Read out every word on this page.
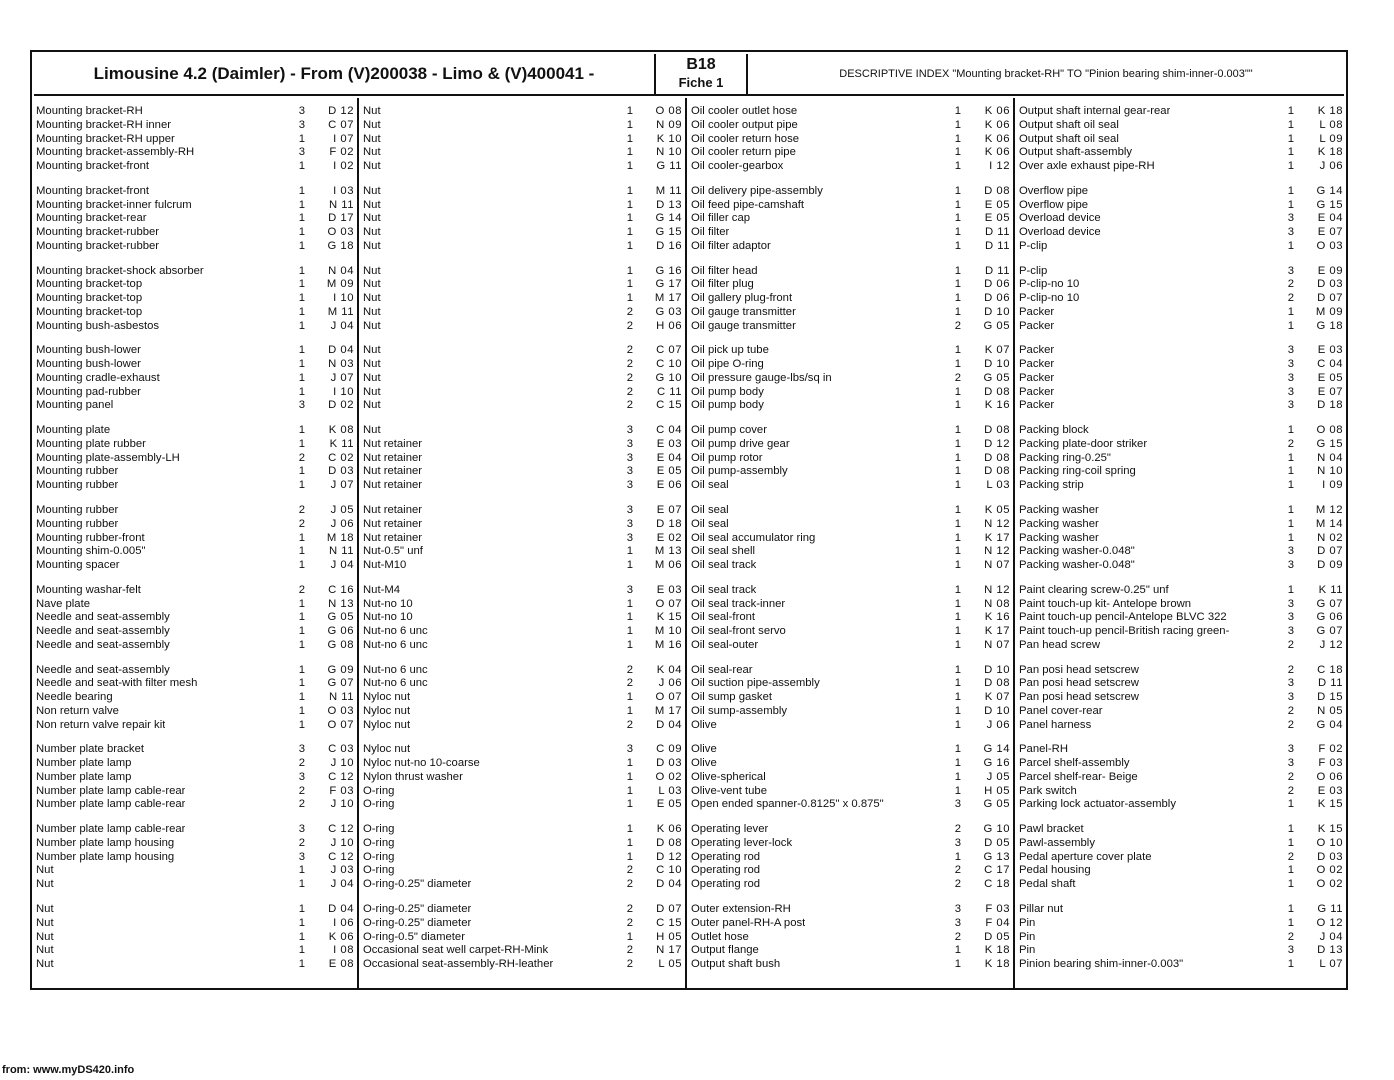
Limousine 4.2 (Daimler) - From (V)200038 - Limo & (V)400041 -	B18
Fiche 1
DESCRIPTIVE INDEX "Mounting bracket-RH" TO "Pinion bearing shim-inner-0.003""
Mounting bracket-RH	3 D 12
Mounting bracket-RH inner	3 C 07
Mounting bracket-RH upper	1 I 07
Mounting bracket-assembly-RH	3 F 02
Mounting bracket-front	1 I 02
Mounting bracket-front	1 I 03
Mounting bracket-inner fulcrum	1 N 11
Mounting bracket-rear	1 D 17
Mounting bracket-rubber	1 O 03
Mounting bracket-rubber	1 G 18
Mounting bracket-shock absorber	1 N 04
Mounting bracket-top	1 M 09
Mounting bracket-top	1 I 10
Mounting bracket-top	1 M 11
Mounting bush-asbestos	1 J 04
Mounting bush-lower	1 D 04
Mounting bush-lower	1 N 03
Mounting cradle-exhaust	1 J 07
Mounting pad-rubber	1 I 10
Mounting panel	3 D 02
Mounting plate	1 K 08
Mounting plate rubber	1 K 11
Mounting plate-assembly-LH	2 C 02
Mounting rubber	1 D 03
Mounting rubber	1 J 07
Mounting rubber	2 J 05
Mounting rubber	2 J 06
Mounting rubber-front	1 M 18
Mounting shim-0.005"	1 N 11
Mounting spacer	1 J 04
Mounting washar-felt	2 C 16
Nave plate	1 N 13
Needle and seat-assembly	1 G 05
Needle and seat-assembly	1 G 06
Needle and seat-assembly	1 G 08
Needle and seat-assembly	1 G 09
Needle and seat-with filter mesh	1 G 07
Needle bearing	1 N 11
Non return valve	1 O 03
Non return valve repair kit	1 O 07
Number plate bracket	3 C 03
Number plate lamp	2 J 10
Number plate lamp	3 C 12
Number plate lamp cable-rear	2 F 03
Number plate lamp cable-rear	2 J 10
Number plate lamp cable-rear	3 C 12
Number plate lamp housing	2 J 10
Number plate lamp housing	3 C 12
Nut	1 J 03
Nut	1 J 04
Nut	1 D 04
Nut	1 I 06
Nut	1 K 06
Nut	1 I 08
Nut	1 E 08
Nut	1 O 08
Nut	1 N 09
Nut	1 K 10
Nut	1 N 10
Nut	1 G 11
Nut	1 M 11
Nut	1 D 13
Nut	1 G 14
Nut	1 G 15
Nut	1 D 16
Nut	1 G 16
Nut	1 G 17
Nut	1 M 17
Nut	2 G 03
Nut	2 H 06
Nut	2 C 07
Nut	2 C 10
Nut	2 G 10
Nut	2 C 11
Nut	2 C 15
Nut	3 C 04
Nut retainer	3 E 03
Nut retainer	3 E 04
Nut retainer	3 E 05
Nut retainer	3 E 06
Nut retainer	3 E 07
Nut retainer	3 D 18
Nut retainer	3 E 02
Nut-0.5" unf	1 M 13
Nut-M10	1 M 06
Nut-M4	3 E 03
Nut-no 10	1 O 07
Nut-no 10	1 K 15
Nut-no 6 unc	1 M 10
Nut-no 6 unc	1 M 16
Nut-no 6 unc	2 K 04
Nut-no 6 unc	2 J 06
Nyloc nut	1 O 07
Nyloc nut	1 M 17
Nyloc nut	2 D 04
Nyloc nut	3 C 09
Nyloc nut-no 10-coarse	1 D 03
Nylon thrust washer	1 O 02
O-ring	1 L 03
O-ring	1 E 05
O-ring	1 K 06
O-ring	1 D 08
O-ring	1 D 12
O-ring	2 C 10
O-ring-0.25" diameter	2 D 04
O-ring-0.25" diameter	2 D 07
O-ring-0.25" diameter	2 C 15
O-ring-0.5" diameter	1 H 05
Occasional seat well carpet-RH-Mink	2 N 17
Occasional seat-assembly-RH-leather	2 L 05
Oil cooler outlet hose	1 K 06
Oil cooler output pipe	1 K 06
Oil cooler return hose	1 K 06
Oil cooler return pipe	1 K 06
Oil cooler-gearbox	1 I 12
Oil delivery pipe-assembly	1 D 08
Oil feed pipe-camshaft	1 E 05
Oil filler cap	1 E 05
Oil filter	1 D 11
Oil filter adaptor	1 D 11
Oil filter head	1 D 11
Oil filter plug	1 D 06
Oil gallery plug-front	1 D 06
Oil gauge transmitter	1 D 10
Oil gauge transmitter	2 G 05
Oil pick up tube	1 K 07
Oil pipe O-ring	1 D 10
Oil pressure gauge-lbs/sq in	2 G 05
Oil pump body	1 D 08
Oil pump body	1 K 16
Oil pump cover	1 D 08
Oil pump drive gear	1 D 12
Oil pump rotor	1 D 08
Oil pump-assembly	1 D 08
Oil seal	1 L 03
Oil seal	1 K 05
Oil seal	1 N 12
Oil seal accumulator ring	1 K 17
Oil seal shell	1 N 12
Oil seal track	1 N 07
Oil seal track	1 N 12
Oil seal track-inner	1 N 08
Oil seal-front	1 K 16
Oil seal-front servo	1 K 17
Oil seal-outer	1 N 07
Oil seal-rear	1 D 10
Oil suction pipe-assembly	1 D 08
Oil sump gasket	1 K 07
Oil sump-assembly	1 D 10
Olive	1 J 06
Olive	1 G 14
Olive	1 G 16
Olive-spherical	1 J 05
Olive-vent tube	1 H 05
Open ended spanner-0.8125" x 0.875"	3 G 05
Operating lever	2 G 10
Operating lever-lock	3 D 05
Operating rod	1 G 13
Operating rod	2 C 17
Operating rod	2 C 18
Outer extension-RH	3 F 03
Outer panel-RH-A post	3 F 04
Outlet hose	2 D 05
Output flange	1 K 18
Output shaft bush	1 K 18
Output shaft internal gear-rear	1 K 18
Output shaft oil seal	1 L 08
Output shaft oil seal	1 L 09
Output shaft-assembly	1 K 18
Over axle exhaust pipe-RH	1 J 06
Overflow pipe	1 G 14
Overflow pipe	1 G 15
Overload device	3 E 04
Overload device	3 E 07
P-clip	1 O 03
P-clip	3 E 09
P-clip-no 10	2 D 03
P-clip-no 10	2 D 07
Packer	1 M 09
Packer	1 G 18
Packer	3 E 03
Packer	3 C 04
Packer	3 E 05
Packer	3 E 07
Packer	3 D 18
Packing block	1 O 08
Packing plate-door striker	2 G 15
Packing ring-0.25"	1 N 04
Packing ring-coil spring	1 N 10
Packing strip	1 I 09
Packing washer	1 M 12
Packing washer	1 M 14
Packing washer	1 N 02
Packing washer-0.048"	3 D 07
Packing washer-0.048"	3 D 09
Paint clearing screw-0.25" unf	1 K 11
Paint touch-up kit- Antelope brown	3 G 07
Paint touch-up pencil-Antelope BLVC 322	3 G 06
Paint touch-up pencil-British racing green-	3 G 07
Pan head screw	2 J 12
Pan posi head setscrew	2 C 18
Pan posi head setscrew	3 D 11
Pan posi head setscrew	3 D 15
Panel cover-rear	2 N 05
Panel harness	2 G 04
Panel-RH	3 F 02
Parcel shelf-assembly	3 F 03
Parcel shelf-rear- Beige	2 O 06
Park switch	2 E 03
Parking lock actuator-assembly	1 K 15
Pawl bracket	1 K 15
Pawl-assembly	1 O 10
Pedal aperture cover plate	2 D 03
Pedal housing	1 O 02
Pedal shaft	1 O 02
Pillar nut	1 G 11
Pin	1 O 12
Pin	2 J 04
Pin	3 D 13
Pinion bearing shim-inner-0.003"	1 L 07
from: www.myDS420.info
